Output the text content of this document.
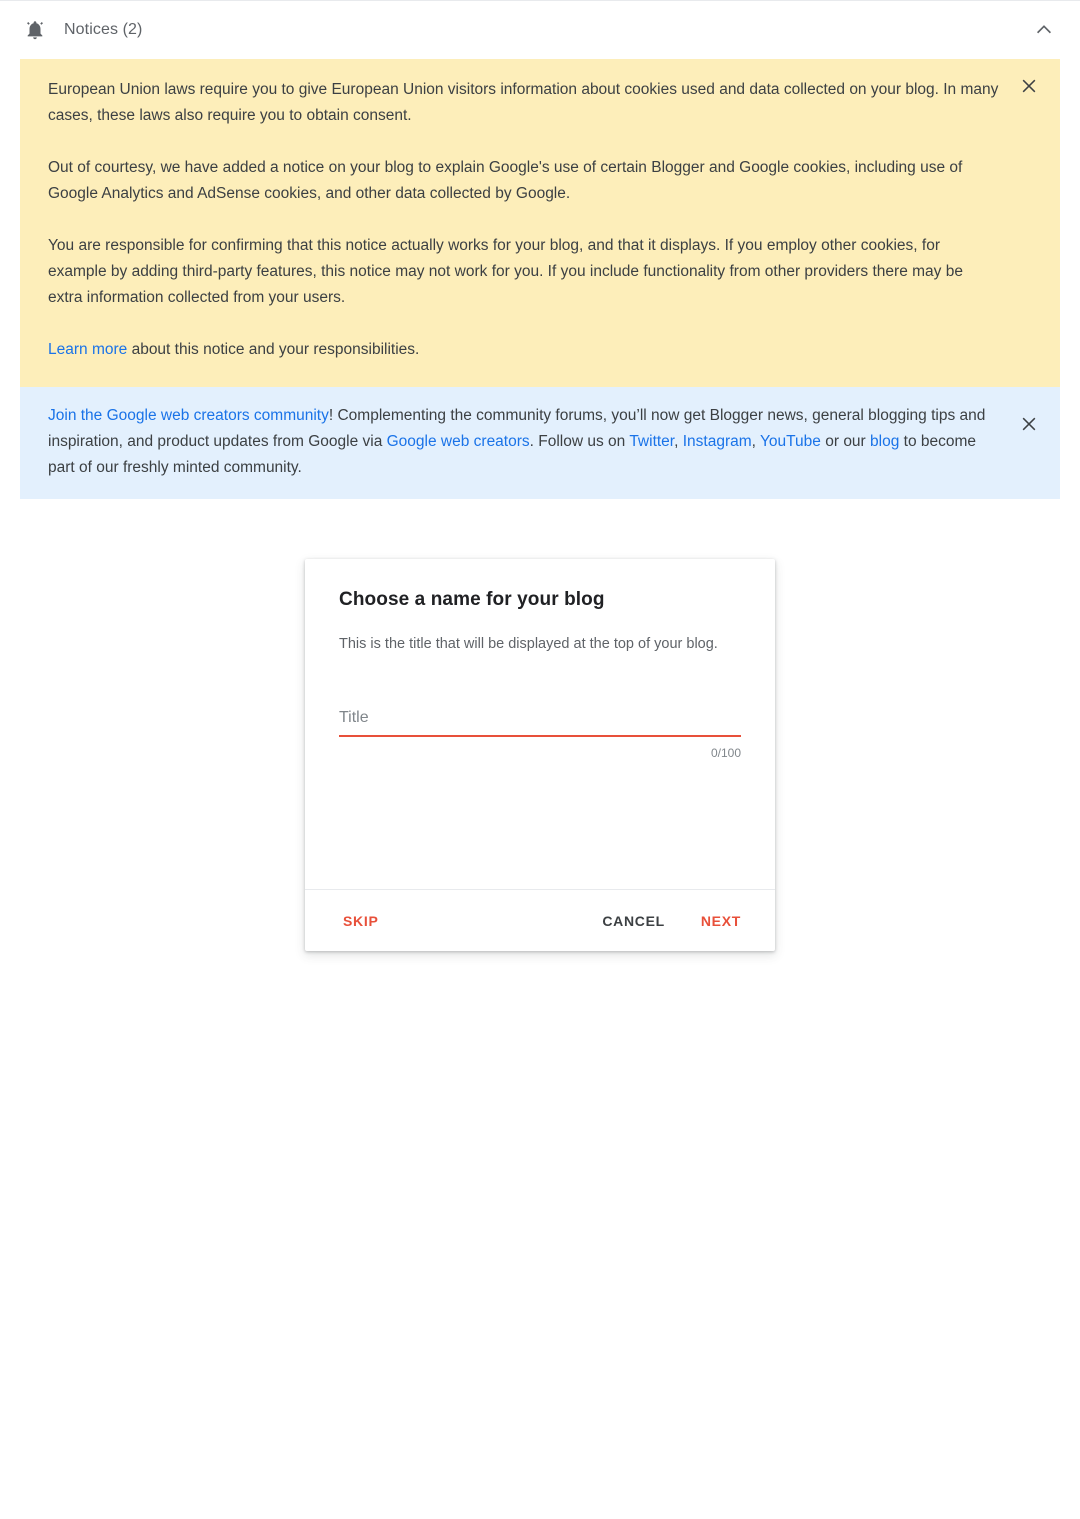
Notices (2)

European Union laws require you to give European Union visitors information about cookies used and data collected on your blog. In many cases, these laws also require you to obtain consent.

Out of courtesy, we have added a notice on your blog to explain Google's use of certain Blogger and Google cookies, including use of Google Analytics and AdSense cookies, and other data collected by Google.

You are responsible for confirming that this notice actually works for your blog, and that it displays. If you employ other cookies, for example by adding third-party features, this notice may not work for you. If you include functionality from other providers there may be extra information collected from your users.

Learn more about this notice and your responsibilities.

Join the Google web creators community! Complementing the community forums, you’ll now get Blogger news, general blogging tips and inspiration, and product updates from Google via Google web creators. Follow us on Twitter, Instagram, YouTube or our blog to become part of our freshly minted community.

Choose a name for your blog

This is the title that will be displayed at the top of your blog.

Title
0/100
SKIP	CANCEL	NEXT
